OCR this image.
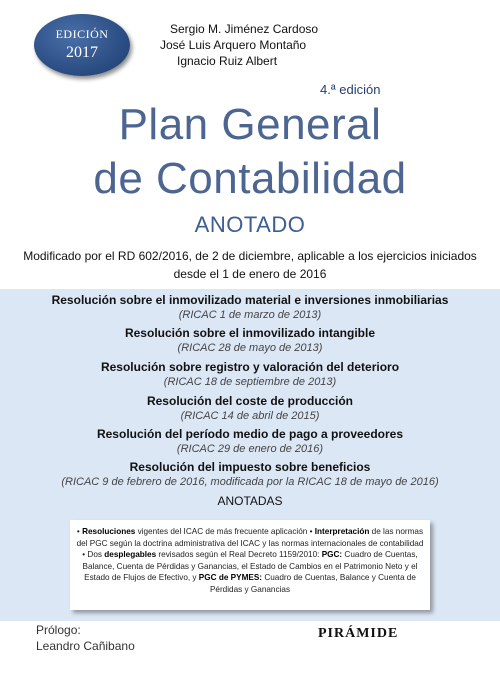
EDICIÓN
2017
Sergio M. Jiménez Cardoso
José Luis Arquero Montaño
Ignacio Ruiz Albert
4.ª edición
Plan General
de Contabilidad
ANOTADO
Modificado por el RD 602/2016, de 2 de diciembre, aplicable a los ejercicios iniciados
desde el 1 de enero de 2016
Resolución sobre el inmovilizado material e inversiones inmobiliarias
(RICAC 1 de marzo de 2013)
Resolución sobre el inmovilizado intangible
(RICAC 28 de mayo de 2013)
Resolución sobre registro y valoración del deterioro
(RICAC 18 de septiembre de 2013)
Resolución del coste de producción
(RICAC 14 de abril de 2015)
Resolución del período medio de pago a proveedores
(RICAC 29 de enero de 2016)
Resolución del impuesto sobre beneficios
(RICAC 9 de febrero de 2016, modificada por la RICAC 18 de mayo de 2016)
ANOTADAS
• Resoluciones vigentes del ICAC de más frecuente aplicación • Interpretación de las normas del PGC según la doctrina administrativa del ICAC y las normas internacionales de contabilidad • Dos desplegables revisados según el Real Decreto 1159/2010: PGC: Cuadro de Cuentas, Balance, Cuenta de Pérdidas y Ganancias, el Estado de Cambios en el Patrimonio Neto y el Estado de Flujos de Efectivo, y PGC de PYMES: Cuadro de Cuentas, Balance y Cuenta de Pérdidas y Ganancias
Prólogo:
Leandro Cañibano
PIRÁMIDE
